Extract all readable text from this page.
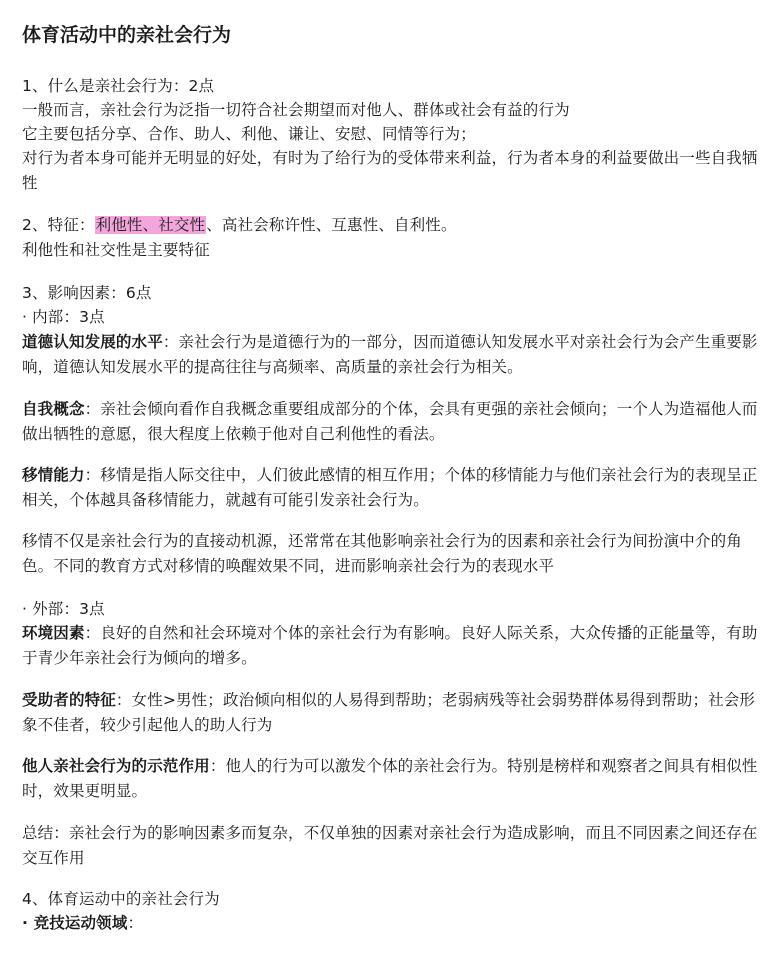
体育活动中的亲社会行为
1、什么是亲社会行为：2点
一般而言，亲社会行为泛指一切符合社会期望而对他人、群体或社会有益的行为
它主要包括分享、合作、助人、利他、谦让、安慰、同情等行为；
对行为者本身可能并无明显的好处，有时为了给行为的受体带来利益，行为者本身的利益要做出一些自我牺牲
2、特征：利他性、社交性、高社会称许性、互惠性、自利性。
利他性和社交性是主要特征
3、影响因素：6点
· 内部：3点
道德认知发展的水平：亲社会行为是道德行为的一部分，因而道德认知发展水平对亲社会行为会产生重要影响，道德认知发展水平的提高往往与高频率、高质量的亲社会行为相关。
自我概念：亲社会倾向看作自我概念重要组成部分的个体，会具有更强的亲社会倾向；一个人为造福他人而做出牺牲的意愿，很大程度上依赖于他对自己利他性的看法。
移情能力：移情是指人际交往中，人们彼此感情的相互作用；个体的移情能力与他们亲社会行为的表现呈正相关，个体越具备移情能力，就越有可能引发亲社会行为。
移情不仅是亲社会行为的直接动机源，还常常在其他影响亲社会行为的因素和亲社会行为间扮演中介的角色。不同的教育方式对移情的唤醒效果不同，进而影响亲社会行为的表现水平
· 外部：3点
环境因素：良好的自然和社会环境对个体的亲社会行为有影响。良好人际关系，大众传播的正能量等，有助于青少年亲社会行为倾向的增多。
受助者的特征：女性>男性；政治倾向相似的人易得到帮助；老弱病残等社会弱势群体易得到帮助；社会形象不佳者，较少引起他人的助人行为
他人亲社会行为的示范作用：他人的行为可以激发个体的亲社会行为。特别是榜样和观察者之间具有相似性时，效果更明显。
总结：亲社会行为的影响因素多而复杂，不仅单独的因素对亲社会行为造成影响，而且不同因素之间还存在交互作用
4、体育运动中的亲社会行为
· 竞技运动领域：
